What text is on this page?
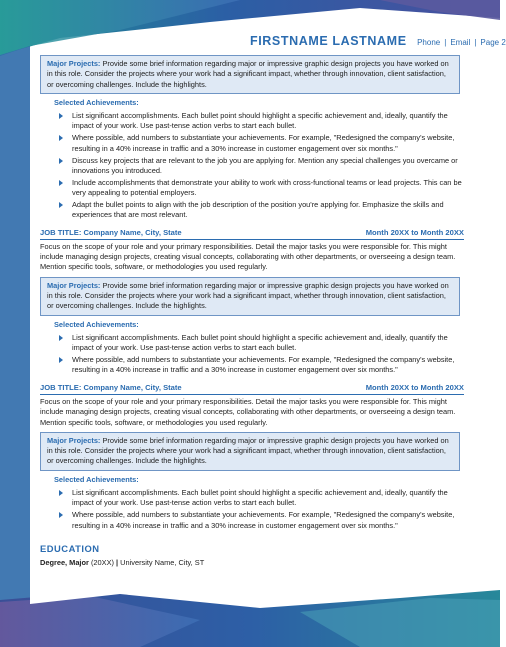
FIRSTNAME LASTNAME Phone | Email | Page 2
Major Projects: Provide some brief information regarding major or impressive graphic design projects you have worked on in this role. Consider the projects where your work had a significant impact, whether through innovation, client satisfaction, or overcoming challenges. Include the highlights.
Selected Achievements:
List significant accomplishments. Each bullet point should highlight a specific achievement and, ideally, quantify the impact of your work. Use past-tense action verbs to start each bullet.
Where possible, add numbers to substantiate your achievements. For example, "Redesigned the company's website, resulting in a 40% increase in traffic and a 30% increase in customer engagement over six months."
Discuss key projects that are relevant to the job you are applying for. Mention any special challenges you overcame or innovations you introduced.
Include accomplishments that demonstrate your ability to work with cross-functional teams or lead projects. This can be very appealing to potential employers.
Adapt the bullet points to align with the job description of the position you're applying for. Emphasize the skills and experiences that are most relevant.
JOB TITLE: Company Name, City, State	Month 20XX to Month 20XX
Focus on the scope of your role and your primary responsibilities. Detail the major tasks you were responsible for. This might include managing design projects, creating visual concepts, collaborating with other departments, or overseeing a design team. Mention specific tools, software, or methodologies you used regularly.
Major Projects: Provide some brief information regarding major or impressive graphic design projects you have worked on in this role. Consider the projects where your work had a significant impact, whether through innovation, client satisfaction, or overcoming challenges. Include the highlights.
Selected Achievements:
List significant accomplishments. Each bullet point should highlight a specific achievement and, ideally, quantify the impact of your work. Use past-tense action verbs to start each bullet.
Where possible, add numbers to substantiate your achievements. For example, "Redesigned the company's website, resulting in a 40% increase in traffic and a 30% increase in customer engagement over six months."
JOB TITLE: Company Name, City, State	Month 20XX to Month 20XX
Focus on the scope of your role and your primary responsibilities. Detail the major tasks you were responsible for. This might include managing design projects, creating visual concepts, collaborating with other departments, or overseeing a design team. Mention specific tools, software, or methodologies you used regularly.
Major Projects: Provide some brief information regarding major or impressive graphic design projects you have worked on in this role. Consider the projects where your work had a significant impact, whether through innovation, client satisfaction, or overcoming challenges. Include the highlights.
Selected Achievements:
List significant accomplishments. Each bullet point should highlight a specific achievement and, ideally, quantify the impact of your work. Use past-tense action verbs to start each bullet.
Where possible, add numbers to substantiate your achievements. For example, "Redesigned the company's website, resulting in a 40% increase in traffic and a 30% increase in customer engagement over six months."
EDUCATION
Degree, Major (20XX) | University Name, City, ST
